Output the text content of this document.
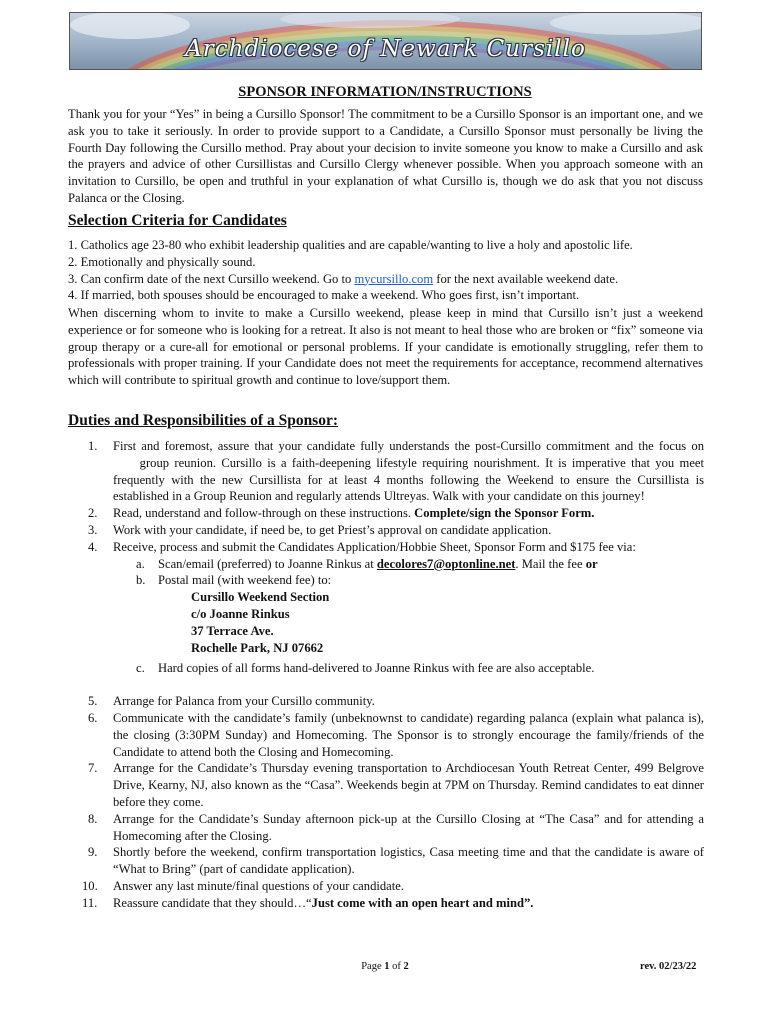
Archdiocese of Newark Cursillo
SPONSOR INFORMATION/INSTRUCTIONS
Thank you for your “Yes” in being a Cursillo Sponsor! The commitment to be a Cursillo Sponsor is an important one, and we ask you to take it seriously. In order to provide support to a Candidate, a Cursillo Sponsor must personally be living the Fourth Day following the Cursillo method. Pray about your decision to invite someone you know to make a Cursillo and ask the prayers and advice of other Cursillistas and Cursillo Clergy whenever possible. When you approach someone with an invitation to Cursillo, be open and truthful in your explanation of what Cursillo is, though we do ask that you not discuss Palanca or the Closing.
Selection Criteria for Candidates
1. Catholics age 23-80 who exhibit leadership qualities and are capable/wanting to live a holy and apostolic life.
2. Emotionally and physically sound.
3. Can confirm date of the next Cursillo weekend. Go to mycursillo.com for the next available weekend date.
4. If married, both spouses should be encouraged to make a weekend. Who goes first, isn’t important.
When discerning whom to invite to make a Cursillo weekend, please keep in mind that Cursillo isn’t just a weekend experience or for someone who is looking for a retreat. It also is not meant to heal those who are broken or “fix” someone via group therapy or a cure-all for emotional or personal problems. If your candidate is emotionally struggling, refer them to professionals with proper training. If your Candidate does not meet the requirements for acceptance, recommend alternatives which will contribute to spiritual growth and continue to love/support them.
Duties and Responsibilities of a Sponsor:
1. First and foremost, assure that your candidate fully understands the post-Cursillo commitment and the focus on      group reunion. Cursillo is a faith-deepening lifestyle requiring nourishment. It is imperative that you meet frequently with the new Cursillista for at least 4 months following the Weekend to ensure the Cursillista is established in a Group Reunion and regularly attends Ultreyas. Walk with your candidate on this journey!
2. Read, understand and follow-through on these instructions. Complete/sign the Sponsor Form.
3. Work with your candidate, if need be, to get Priest’s approval on candidate application.
4. Receive, process and submit the Candidates Application/Hobbie Sheet, Sponsor Form and $175 fee via:
a. Scan/email (preferred) to Joanne Rinkus at decolores7@optonline.net. Mail the fee or
b. Postal mail (with weekend fee) to:
Cursillo Weekend Section
c/o Joanne Rinkus
37 Terrace Ave.
Rochelle Park, NJ 07662
c. Hard copies of all forms hand-delivered to Joanne Rinkus with fee are also acceptable.
5. Arrange for Palanca from your Cursillo community.
6. Communicate with the candidate’s family (unbeknownst to candidate) regarding palanca (explain what palanca is), the closing (3:30PM Sunday) and Homecoming. The Sponsor is to strongly encourage the family/friends of the Candidate to attend both the Closing and Homecoming.
7. Arrange for the Candidate’s Thursday evening transportation to Archdiocesan Youth Retreat Center, 499 Belgrove Drive, Kearny, NJ, also known as the “Casa”. Weekends begin at 7PM on Thursday. Remind candidates to eat dinner before they come.
8. Arrange for the Candidate’s Sunday afternoon pick-up at the Cursillo Closing at “The Casa” and for attending a Homecoming after the Closing.
9. Shortly before the weekend, confirm transportation logistics, Casa meeting time and that the candidate is aware of “What to Bring” (part of candidate application).
10. Answer any last minute/final questions of your candidate.
11. Reassure candidate that they should…“Just come with an open heart and mind”.
Page 1 of 2	rev. 02/23/22
